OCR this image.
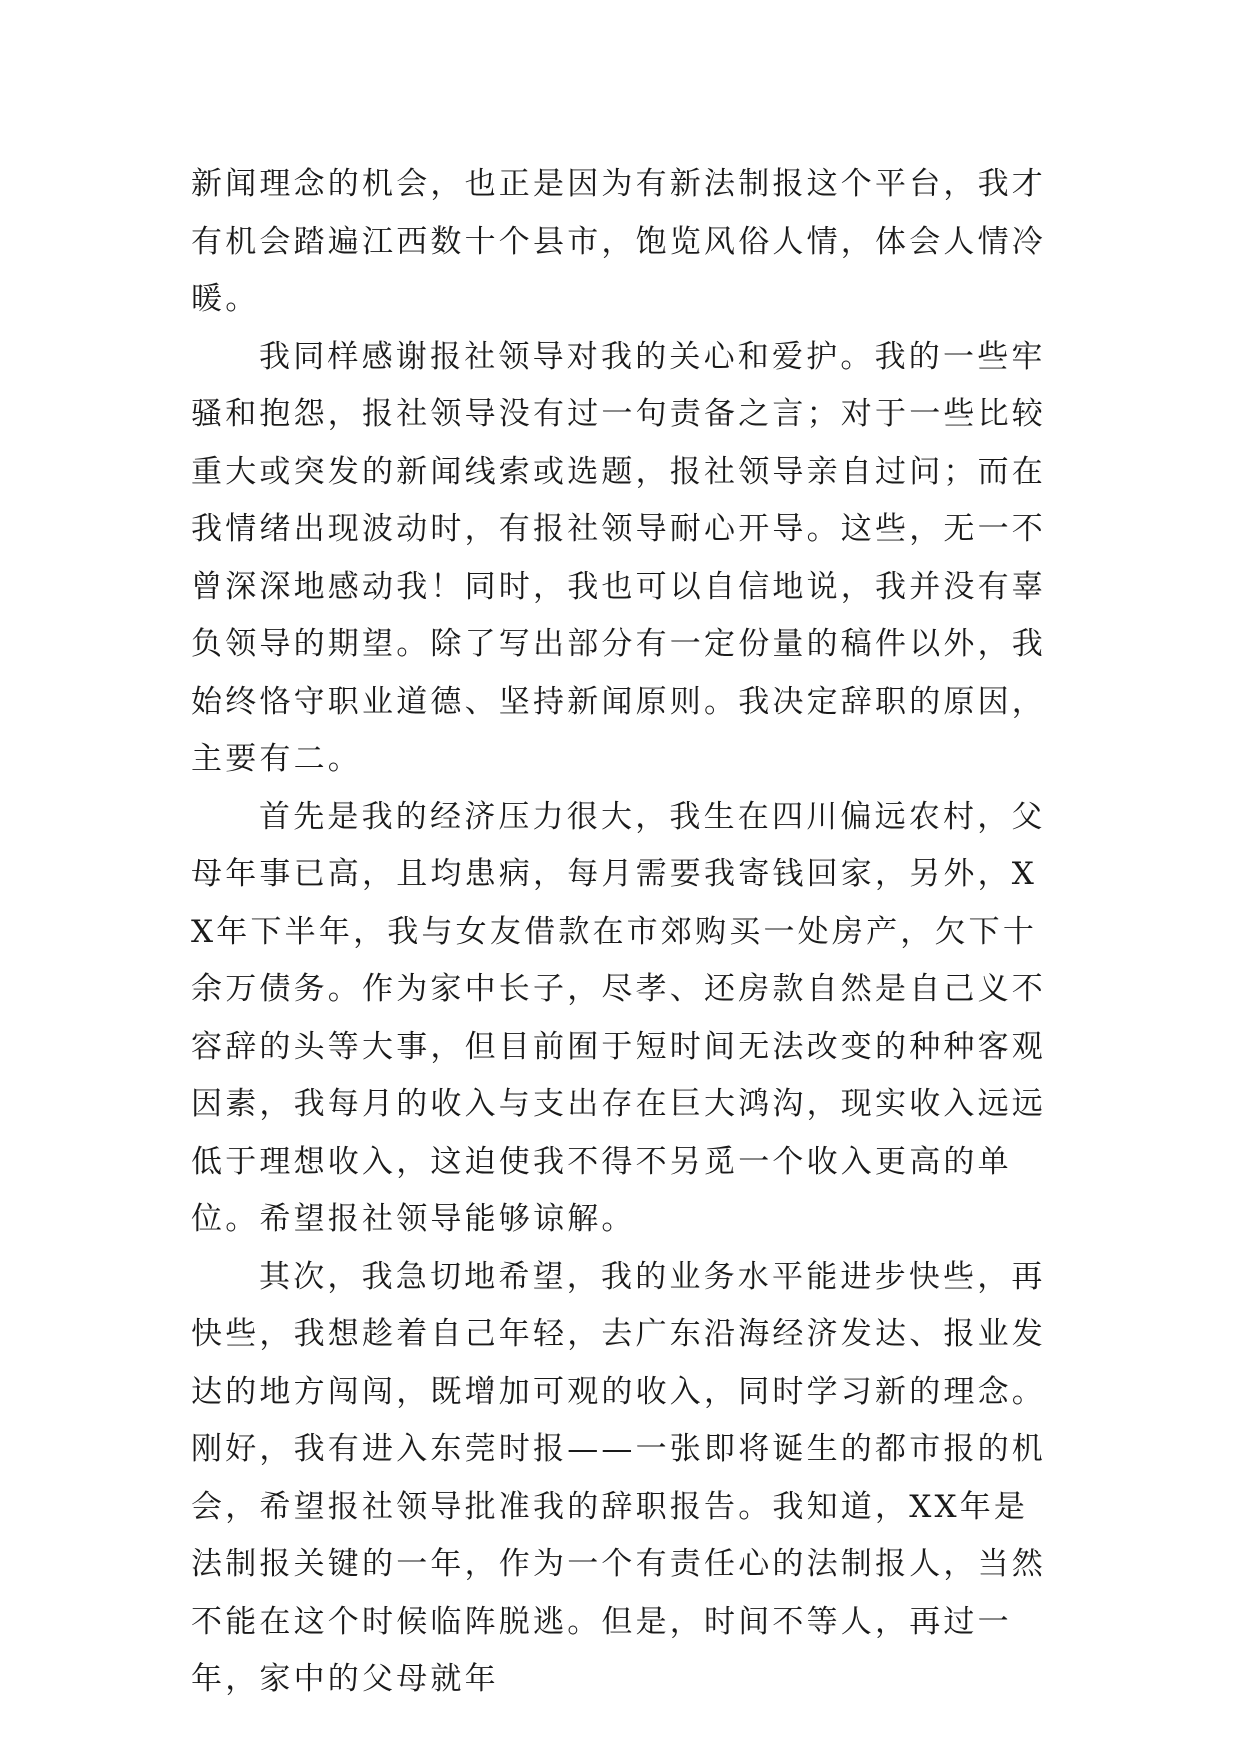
新闻理念的机会，也正是因为有新法制报这个平台，我才有机会踏遍江西数十个县市，饱览风俗人情，体会人情冷暖。

我同样感谢报社领导对我的关心和爱护。我的一些牢骚和抱怨，报社领导没有过一句责备之言；对于一些比较重大或突发的新闻线索或选题，报社领导亲自过问；而在我情绪出现波动时，有报社领导耐心开导。这些，无一不曾深深地感动我！同时，我也可以自信地说，我并没有辜负领导的期望。除了写出部分有一定份量的稿件以外，我始终恪守职业道德、坚持新闻原则。我决定辞职的原因，主要有二。

首先是我的经济压力很大，我生在四川偏远农村，父母年事已高，且均患病，每月需要我寄钱回家，另外，XX年下半年，我与女友借款在市郊购买一处房产，欠下十余万债务。作为家中长子，尽孝、还房款自然是自己义不容辞的头等大事，但目前囿于短时间无法改变的种种客观因素，我每月的收入与支出存在巨大鸿沟，现实收入远远低于理想收入，这迫使我不得不另觅一个收入更高的单位。希望报社领导能够谅解。

其次，我急切地希望，我的业务水平能进步快些，再快些，我想趁着自己年轻，去广东沿海经济发达、报业发达的地方闯闯，既增加可观的收入，同时学习新的理念。刚好，我有进入东莞时报——一张即将诞生的都市报的机会，希望报社领导批准我的辞职报告。我知道，XX年是法制报关键的一年，作为一个有责任心的法制报人，当然不能在这个时候临阵脱逃。但是，时间不等人，再过一年，家中的父母就年
